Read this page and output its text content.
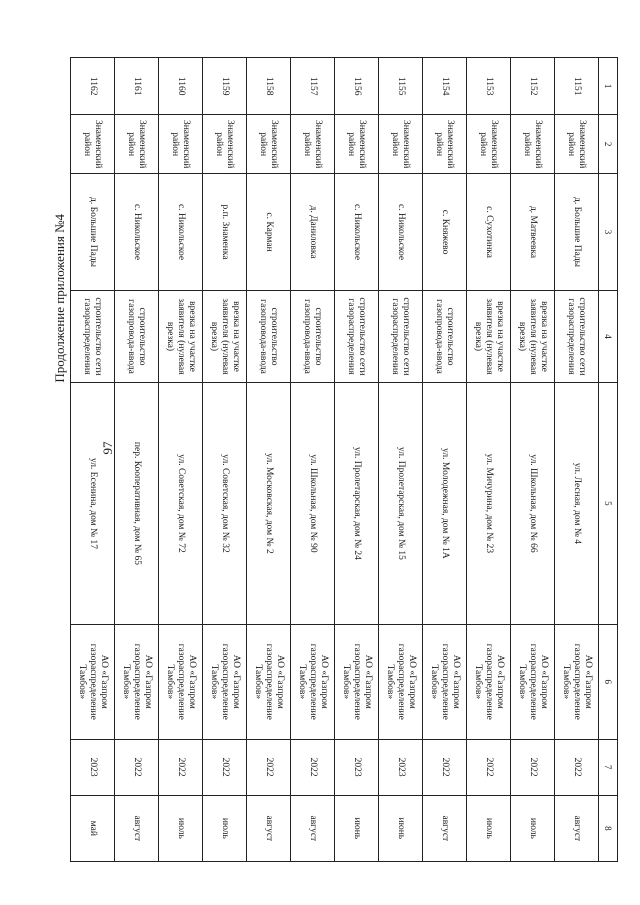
97
Продолжение приложения №4
1	2	3	4	5	6	7	8
1151	Знаменский район	д. Большие Пады	строительство сети газораспределения	ул. Лесная, дом № 4	АО «Газпром газораспределение Тамбов»	2022	август
1152	Знаменский район	д. Матвеевка	врезка на участке заявителя (нулевая врезка)	ул. Школьная, дом № 66	АО «Газпром газораспределение Тамбов»	2022	июль
1153	Знаменский район	с. Сухотинка	врезка на участке заявителя (нулевая врезка)	ул. Мичурина, дом № 23	АО «Газпром газораспределение Тамбов»	2022	июль
1154	Знаменский район	с. Княжево	строительство газопровода-ввода	ул. Молодежная, дом № 1А	АО «Газпром газораспределение Тамбов»	2022	август
1155	Знаменский район	с. Никольское	строительство сети газораспределения	ул. Пролетарская, дом № 15	АО «Газпром газораспределение Тамбов»	2023	июнь
1156	Знаменский район	с. Никольское	строительство сети газораспределения	ул. Пролетарская, дом № 24	АО «Газпром газораспределение Тамбов»	2023	июнь
1157	Знаменский район	д. Даниловка	строительство газопровода-ввода	ул. Школьная, дом № 90	АО «Газпром газораспределение Тамбов»	2022	август
1158	Знаменский район	с. Карман	строительство газопровода-ввода	ул. Московская, дом № 2	АО «Газпром газораспределение Тамбов»	2022	август
1159	Знаменский район	р.п. Знаменка	врезка на участке заявителя (нулевая врезка)	ул. Советская, дом № 32	АО «Газпром газораспределение Тамбов»	2022	июль
1160	Знаменский район	с. Никольское	врезка на участке заявителя (нулевая врезка)	ул. Советская, дом № 72	АО «Газпром газораспределение Тамбов»	2022	июль
1161	Знаменский район	с. Никольское	строительство газопровода-ввода	пер. Кооперативная, дом № 65	АО «Газпром газораспределение Тамбов»	2022	август
1162	Знаменский район	д. Большие Пады	строительство сети газораспределения	ул. Есенина, дом № 17	АО «Газпром газораспределение Тамбов»	2023	май
